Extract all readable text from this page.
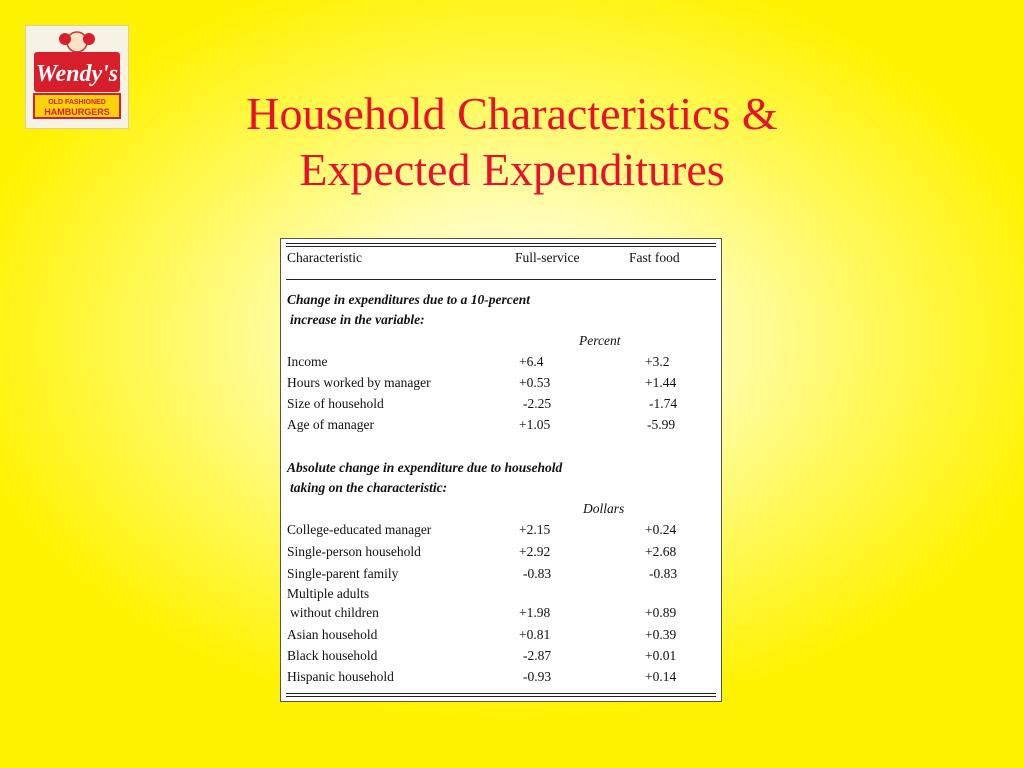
Wendy's
OLD FASHIONED
HAMBURGERS	Household Characteristics &
Expected Expenditures
Characteristic	Full-service	Fast food
Change in expenditures due to a 10-percent
increase in the variable:
Percent
Income	+6.4	+3.2
Hours worked by manager	+0.53	+1.44
Size of household	-2.25	-1.74
Age of manager	+1.05	-5.99
Absolute change in expenditure due to household
taking on the characteristic:
Dollars
College-educated manager	+2.15	+0.24
Single-person household	+2.92	+2.68
Single-parent family	-0.83	-0.83
Multiple adults
without children	+1.98	+0.89
Asian household	+0.81	+0.39
Black household	-2.87	+0.01
Hispanic household	-0.93	+0.14
